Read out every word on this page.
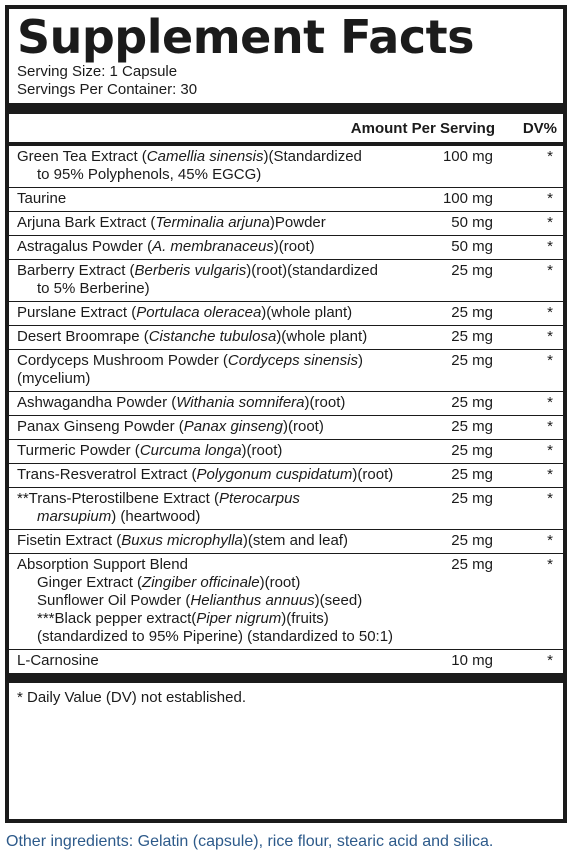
Supplement Facts
Serving Size: 1 Capsule
Servings Per Container: 30
Amount Per Serving DV%
Green Tea Extract (Camellia sinensis)(Standardized
to 95% Polyphenols, 45% EGCG)
100 mg	*
Taurine	100 mg	*
Arjuna Bark Extract (Terminalia arjuna)Powder	50 mg	*
Astragalus Powder (A. membranaceus)(root)	50 mg	*
Barberry Extract (Berberis vulgaris)(root)(standardized
to 5% Berberine)
25 mg	*
Purslane Extract (Portulaca oleracea)(whole plant)	25 mg	*
Desert Broomrape (Cistanche tubulosa)(whole plant)	25 mg	*
Cordyceps Mushroom Powder (Cordyceps sinensis)(mycelium)
25 mg	*
Ashwagandha Powder (Withania somnifera)(root)	25 mg	*
Panax Ginseng Powder (Panax ginseng)(root)	25 mg	*
Turmeric Powder (Curcuma longa)(root)	25 mg	*
Trans-Resveratrol Extract (Polygonum cuspidatum)(root)	25 mg	*
**Trans-Pterostilbene Extract (Pterocarpus
marsupium) (heartwood)
25 mg	*
Fisetin Extract (Buxus microphylla)(stem and leaf)	25 mg	*
Absorption Support Blend
Ginger Extract (Zingiber officinale)(root)
Sunflower Oil Powder (Helianthus annuus)(seed)
***Black pepper extract(Piper nigrum)(fruits)
(standardized to 95% Piperine) (standardized to 50:1)
25 mg	*
L-Carnosine	10 mg	*
* Daily Value (DV) not established.
Other ingredients: Gelatin (capsule), rice flour, stearic acid and silica.
